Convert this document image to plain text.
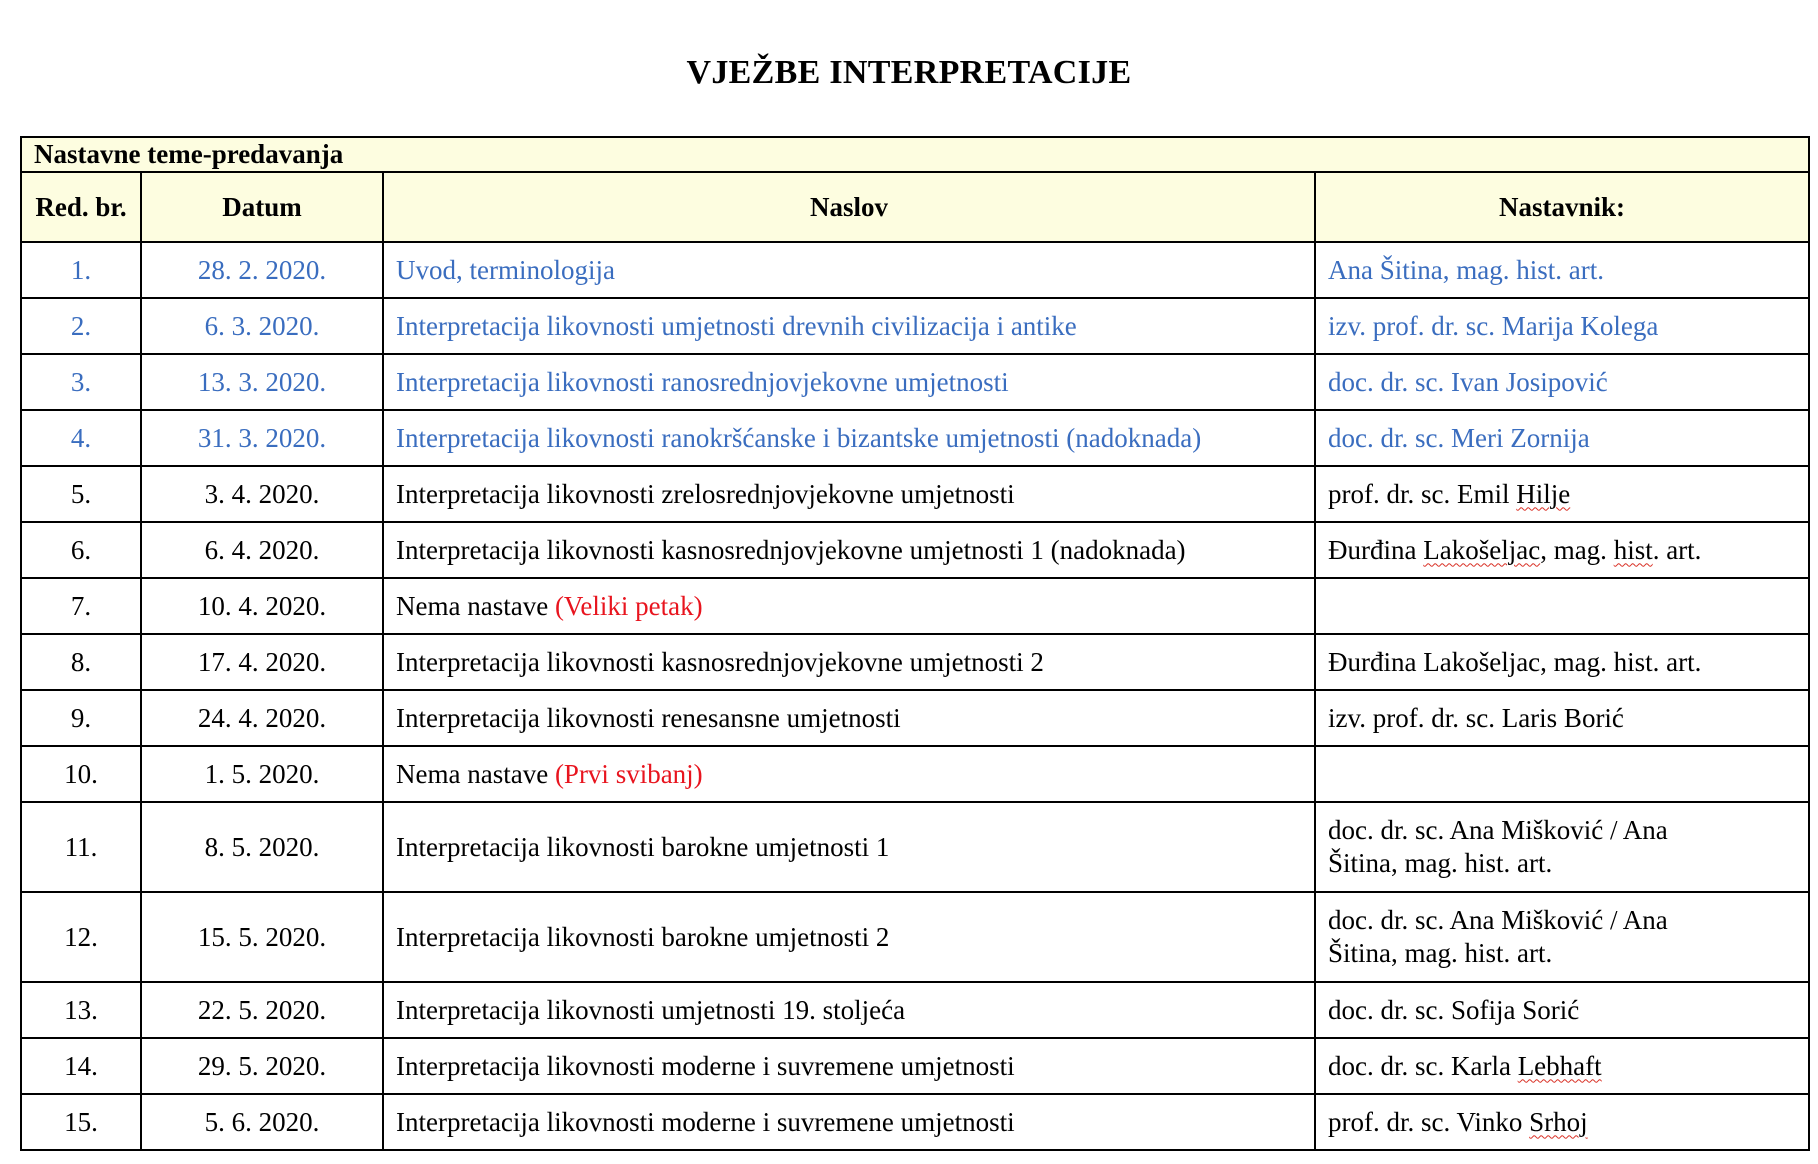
VJEŽBE INTERPRETACIJE
Nastavne teme-predavanja			
Red. br.	Datum	Naslov	Nastavnik:
1.	28. 2. 2020.	Uvod, terminologija	Ana Šitina, mag. hist. art.
2.	6. 3. 2020.	Interpretacija likovnosti umjetnosti drevnih civilizacija i antike	izv. prof. dr. sc. Marija Kolega
3.	13. 3. 2020.	Interpretacija likovnosti ranosrednjovjekovne umjetnosti	doc. dr. sc. Ivan Josipović
4.	31. 3. 2020.	Interpretacija likovnosti ranokršćanske i bizantske umjetnosti (nadoknada)	doc. dr. sc. Meri Zornija
5.	3. 4. 2020.	Interpretacija likovnosti zrelosrednjovjekovne umjetnosti	prof. dr. sc. Emil Hilje
6.	6. 4. 2020.	Interpretacija likovnosti kasnosrednjovjekovne umjetnosti 1 (nadoknada)	Đurđina Lakošeljac, mag. hist. art.
7.	10. 4. 2020.	Nema nastave (Veliki petak)	
8.	17. 4. 2020.	Interpretacija likovnosti kasnosrednjovjekovne umjetnosti 2	Đurđina Lakošeljac, mag. hist. art.
9.	24. 4. 2020.	Interpretacija likovnosti renesansne umjetnosti	izv. prof. dr. sc. Laris Borić
10.	1. 5. 2020.	Nema nastave (Prvi svibanj)	
11.	8. 5. 2020.	Interpretacija likovnosti barokne umjetnosti 1	doc. dr. sc. Ana Mišković / Ana
Šitina, mag. hist. art.
12.	15. 5. 2020.	Interpretacija likovnosti barokne umjetnosti 2	doc. dr. sc. Ana Mišković / Ana
Šitina, mag. hist. art.
13.	22. 5. 2020.	Interpretacija likovnosti umjetnosti 19. stoljeća	doc. dr. sc. Sofija Sorić
14.	29. 5. 2020.	Interpretacija likovnosti moderne i suvremene umjetnosti	doc. dr. sc. Karla Lebhaft
15.	5. 6. 2020.	Interpretacija likovnosti moderne i suvremene umjetnosti	prof. dr. sc. Vinko Srhoj
